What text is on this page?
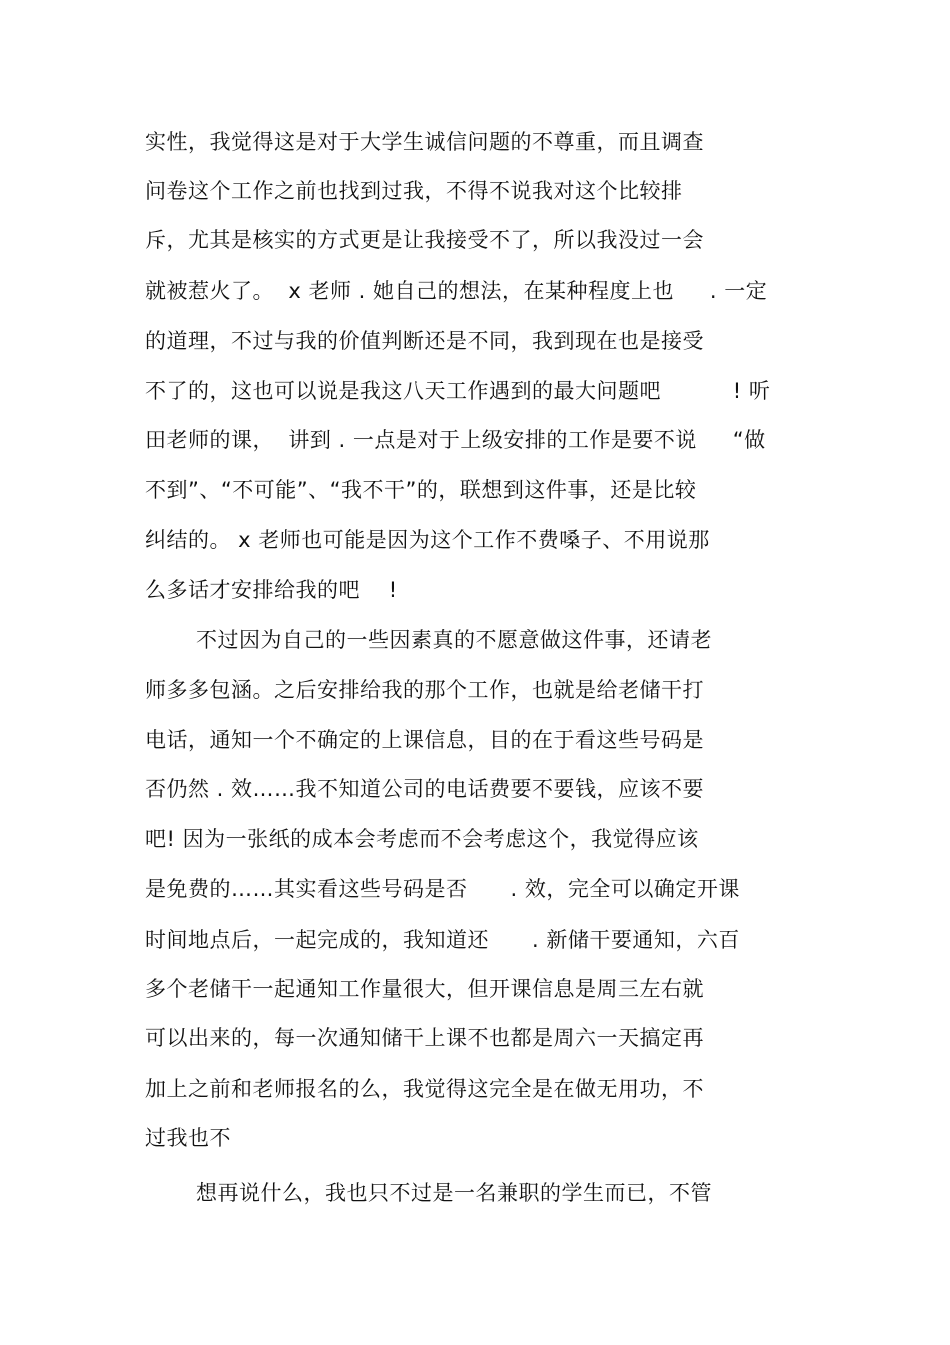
实性，我觉得这是对于大学生诚信问题的不尊重，而且调查
问卷这个工作之前也找到过我，不得不说我对这个比较排
斥，尤其是核实的方式更是让我接受不了，所以我没过一会
就被惹火了。  x 老师 . 她自己的想法，在某种程度上也     . 一定
的道理，不过与我的价值判断还是不同，我到现在也是接受
不了的，这也可以说是我这八天工作遇到的最大问题吧          ! 听
田老师的课，  讲到 . 一点是对于上级安排的工作是要不说     “做
不到”、“不可能”、“我不干”的，联想到这件事，还是比较
纠结的。 x 老师也可能是因为这个工作不费嗓子、不用说那
么多话才安排给我的吧    !
不过因为自己的一些因素真的不愿意做这件事，还请老
师多多包涵。之后安排给我的那个工作，也就是给老储干打
电话，通知一个不确定的上课信息，目的在于看这些号码是
否仍然 . 效……我不知道公司的电话费要不要钱，应该不要
吧! 因为一张纸的成本会考虑而不会考虑这个，我觉得应该
是免费的……其实看这些号码是否      . 效，完全可以确定开课
时间地点后，一起完成的，我知道还      . 新储干要通知，六百
多个老储干一起通知工作量很大，但开课信息是周三左右就
可以出来的，每一次通知储干上课不也都是周六一天搞定再
加上之前和老师报名的么，我觉得这完全是在做无用功，不
过我也不
想再说什么，我也只不过是一名兼职的学生而已，不管
